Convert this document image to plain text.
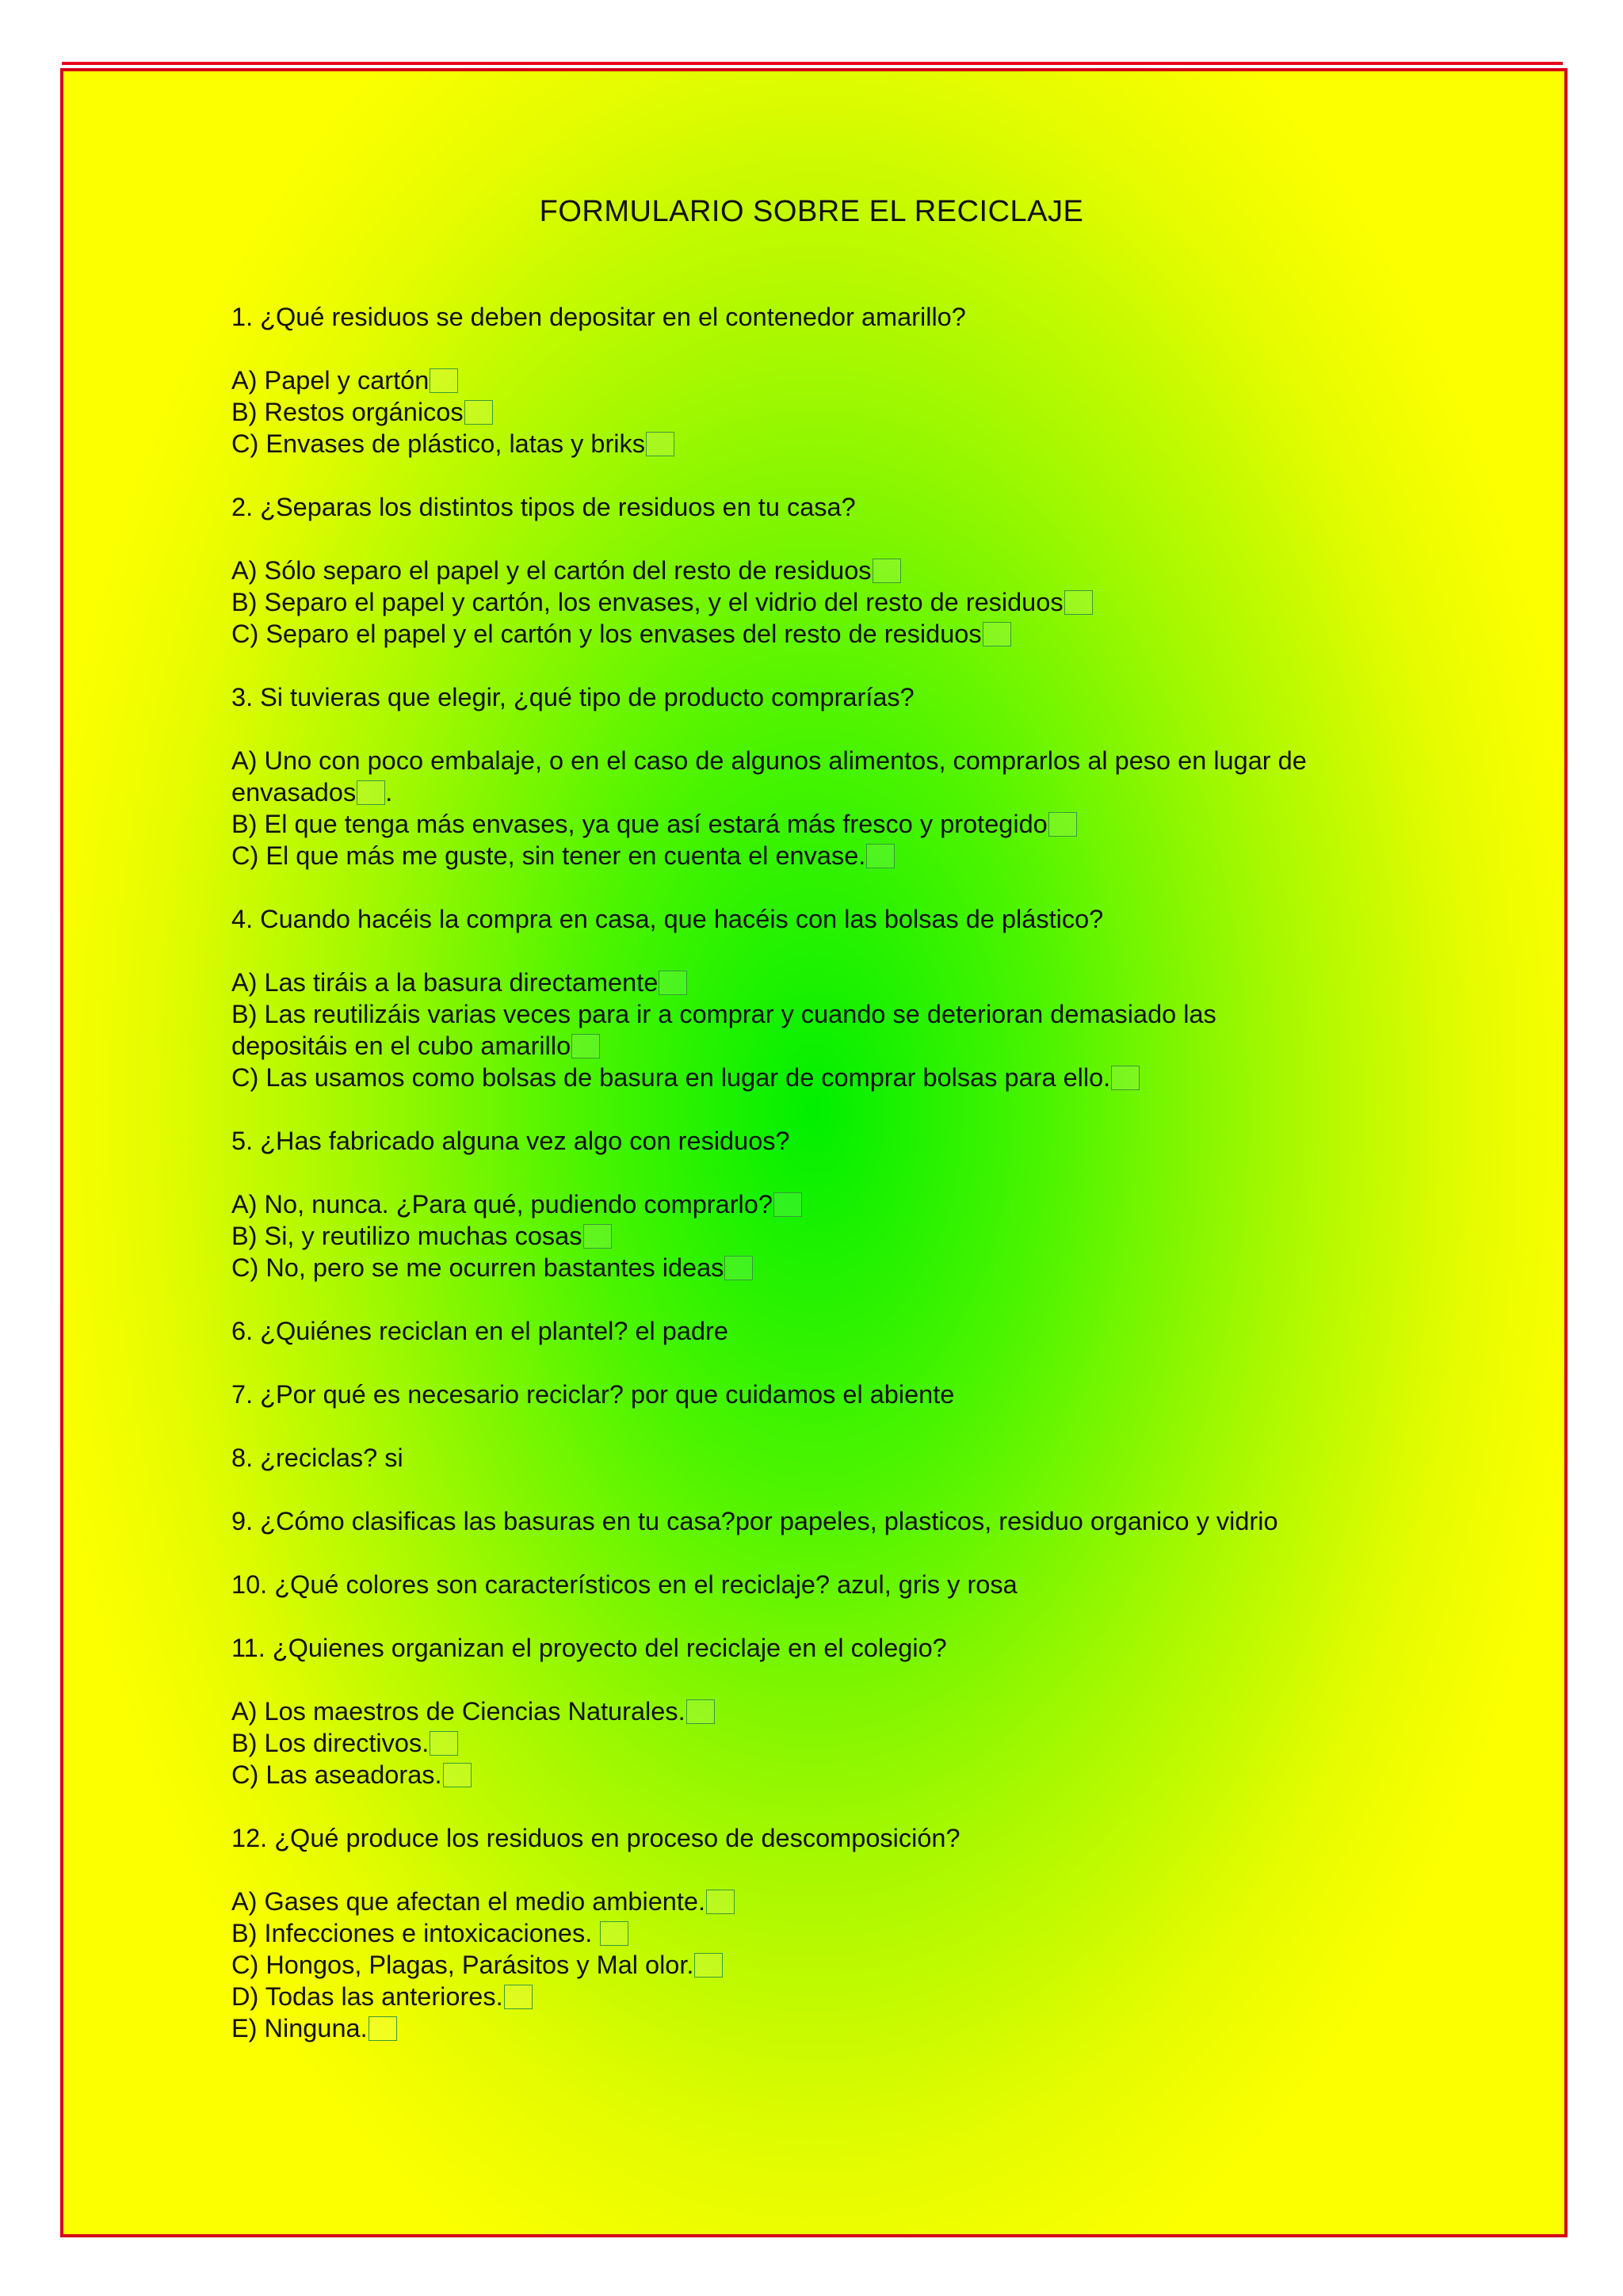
FORMULARIO SOBRE EL RECICLAJE
1. ¿Qué residuos se deben depositar en el contenedor amarillo?
A) Papel y cartón
B) Restos orgánicos
C) Envases de plástico, latas y briks
2. ¿Separas los distintos tipos de residuos en tu casa?
A) Sólo separo el papel y el cartón del resto de residuos
B) Separo el papel y cartón, los envases, y el vidrio del resto de residuos
C) Separo el papel y el cartón y los envases del resto de residuos
3. Si tuvieras que elegir, ¿qué tipo de producto comprarías?
A) Uno con poco embalaje, o en el caso de algunos alimentos, comprarlos al peso en lugar de
envasados .
B) El que tenga más envases, ya que así estará más fresco y protegido
C) El que más me guste, sin tener en cuenta el envase.
4. Cuando hacéis la compra en casa, que hacéis con las bolsas de plástico?
A) Las tiráis a la basura directamente
B) Las reutilizáis varias veces para ir a comprar y cuando se deterioran demasiado las
depositáis en el cubo amarillo
C) Las usamos como bolsas de basura en lugar de comprar bolsas para ello.
5. ¿Has fabricado alguna vez algo con residuos?
A) No, nunca. ¿Para qué, pudiendo comprarlo?
B) Si, y reutilizo muchas cosas
C) No, pero se me ocurren bastantes ideas
6. ¿Quiénes reciclan en el plantel? el padre
7. ¿Por qué es necesario reciclar? por que cuidamos el abiente
8. ¿reciclas? si
9. ¿Cómo clasificas las basuras en tu casa?por papeles, plasticos, residuo organico y vidrio
10. ¿Qué colores son característicos en el reciclaje? azul, gris y rosa
11. ¿Quienes organizan el proyecto del reciclaje en el colegio?
A) Los maestros de Ciencias Naturales.
B) Los directivos.
C) Las aseadoras.
12. ¿Qué produce los residuos en proceso de descomposición?
A) Gases que afectan el medio ambiente.
B) Infecciones e intoxicaciones.
C) Hongos, Plagas, Parásitos y Mal olor.
D) Todas las anteriores.
E) Ninguna.
